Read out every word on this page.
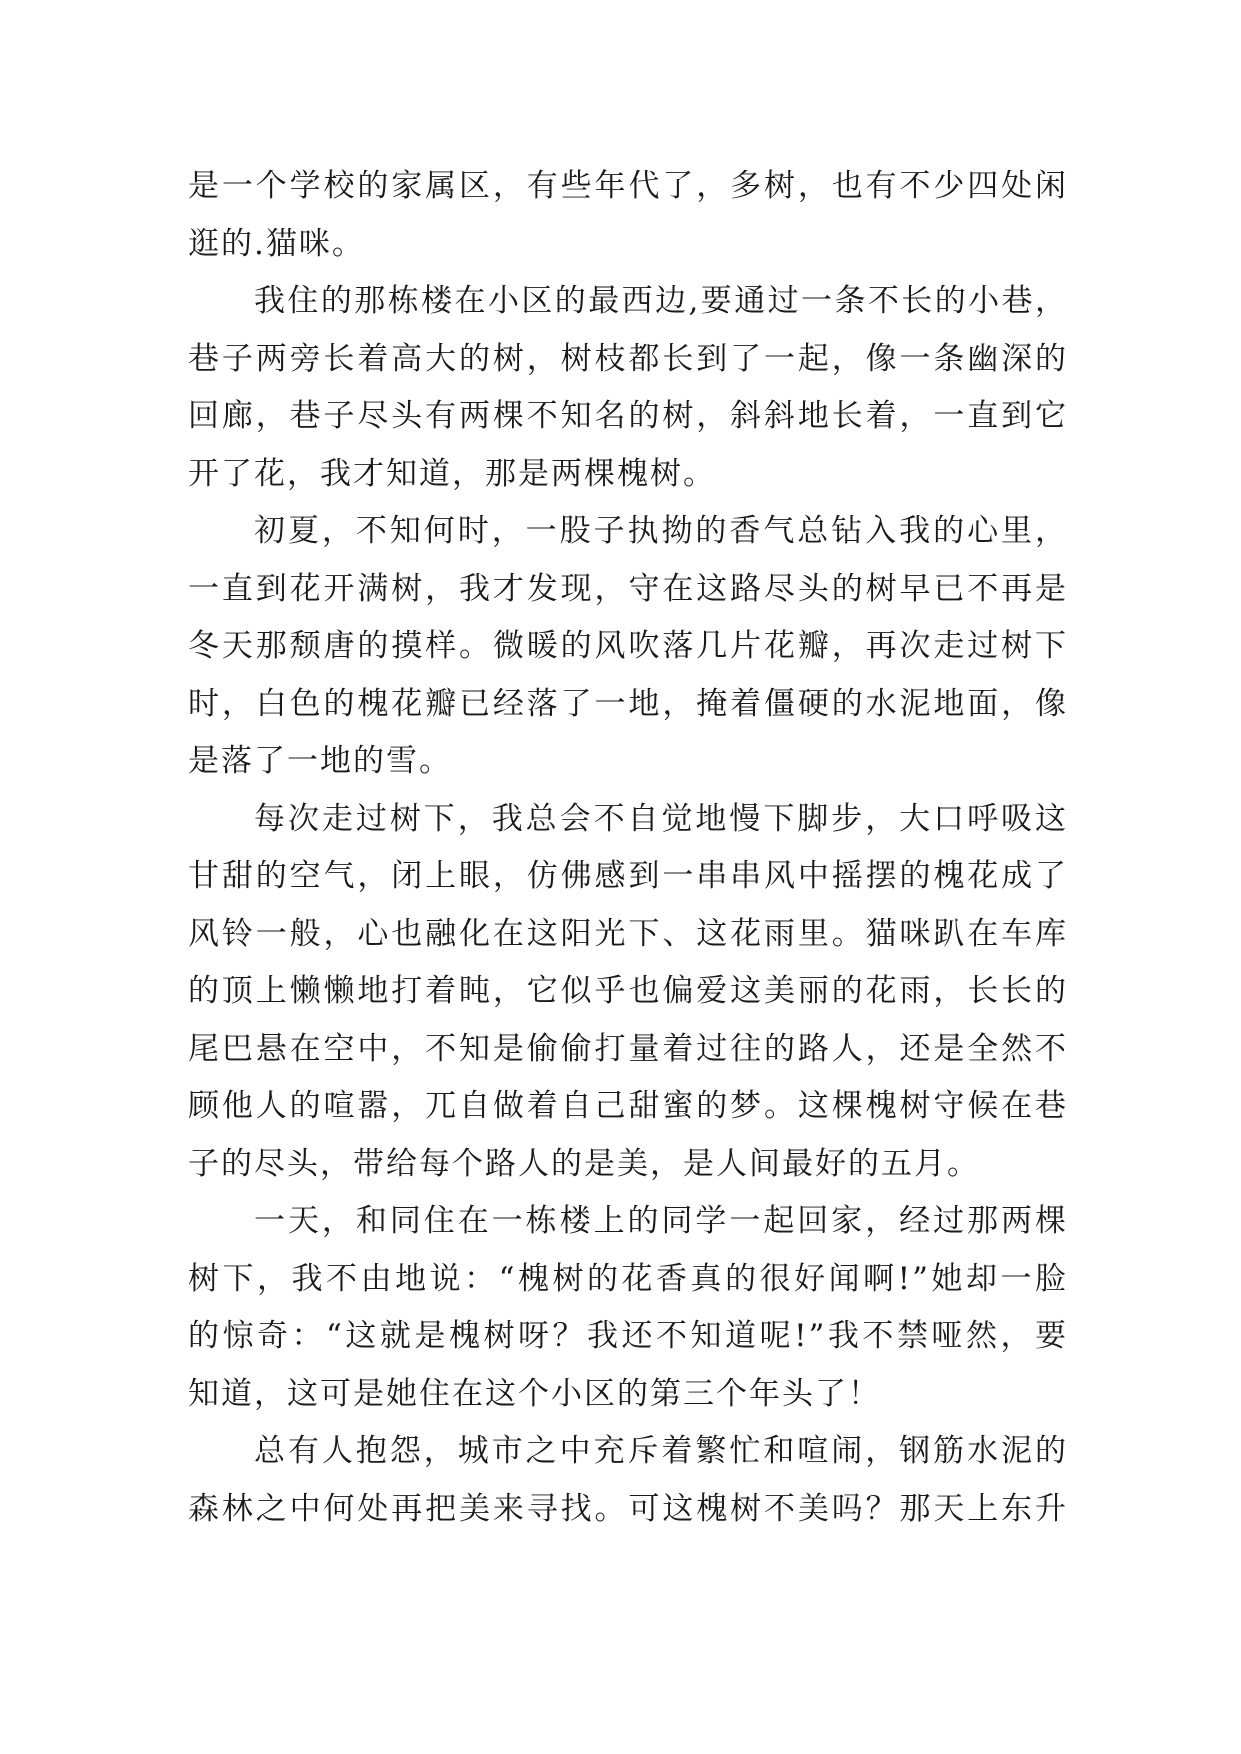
是一个学校的家属区，有些年代了，多树，也有不少四处闲
逛的.猫咪。
我住的那栋楼在小区的最西边,要通过一条不长的小巷，
巷子两旁长着高大的树，树枝都长到了一起，像一条幽深的
回廊，巷子尽头有两棵不知名的树，斜斜地长着，一直到它
开了花，我才知道，那是两棵槐树。
初夏，不知何时，一股子执拗的香气总钻入我的心里，
一直到花开满树，我才发现，守在这路尽头的树早已不再是
冬天那颓唐的摸样。微暖的风吹落几片花瓣，再次走过树下
时，白色的槐花瓣已经落了一地，掩着僵硬的水泥地面，像
是落了一地的雪。
每次走过树下，我总会不自觉地慢下脚步，大口呼吸这
甘甜的空气，闭上眼，仿佛感到一串串风中摇摆的槐花成了
风铃一般，心也融化在这阳光下、这花雨里。猫咪趴在车库
的顶上懒懒地打着盹，它似乎也偏爱这美丽的花雨，长长的
尾巴悬在空中，不知是偷偷打量着过往的路人，还是全然不
顾他人的喧嚣，兀自做着自己甜蜜的梦。这棵槐树守候在巷
子的尽头，带给每个路人的是美，是人间最好的五月。
一天，和同住在一栋楼上的同学一起回家，经过那两棵
树下，我不由地说：“槐树的花香真的很好闻啊!”她却一脸
的惊奇：“这就是槐树呀？我还不知道呢!”我不禁哑然，要
知道，这可是她住在这个小区的第三个年头了！
总有人抱怨，城市之中充斥着繁忙和喧闹，钢筋水泥的
森林之中何处再把美来寻找。可这槐树不美吗？那天上东升
